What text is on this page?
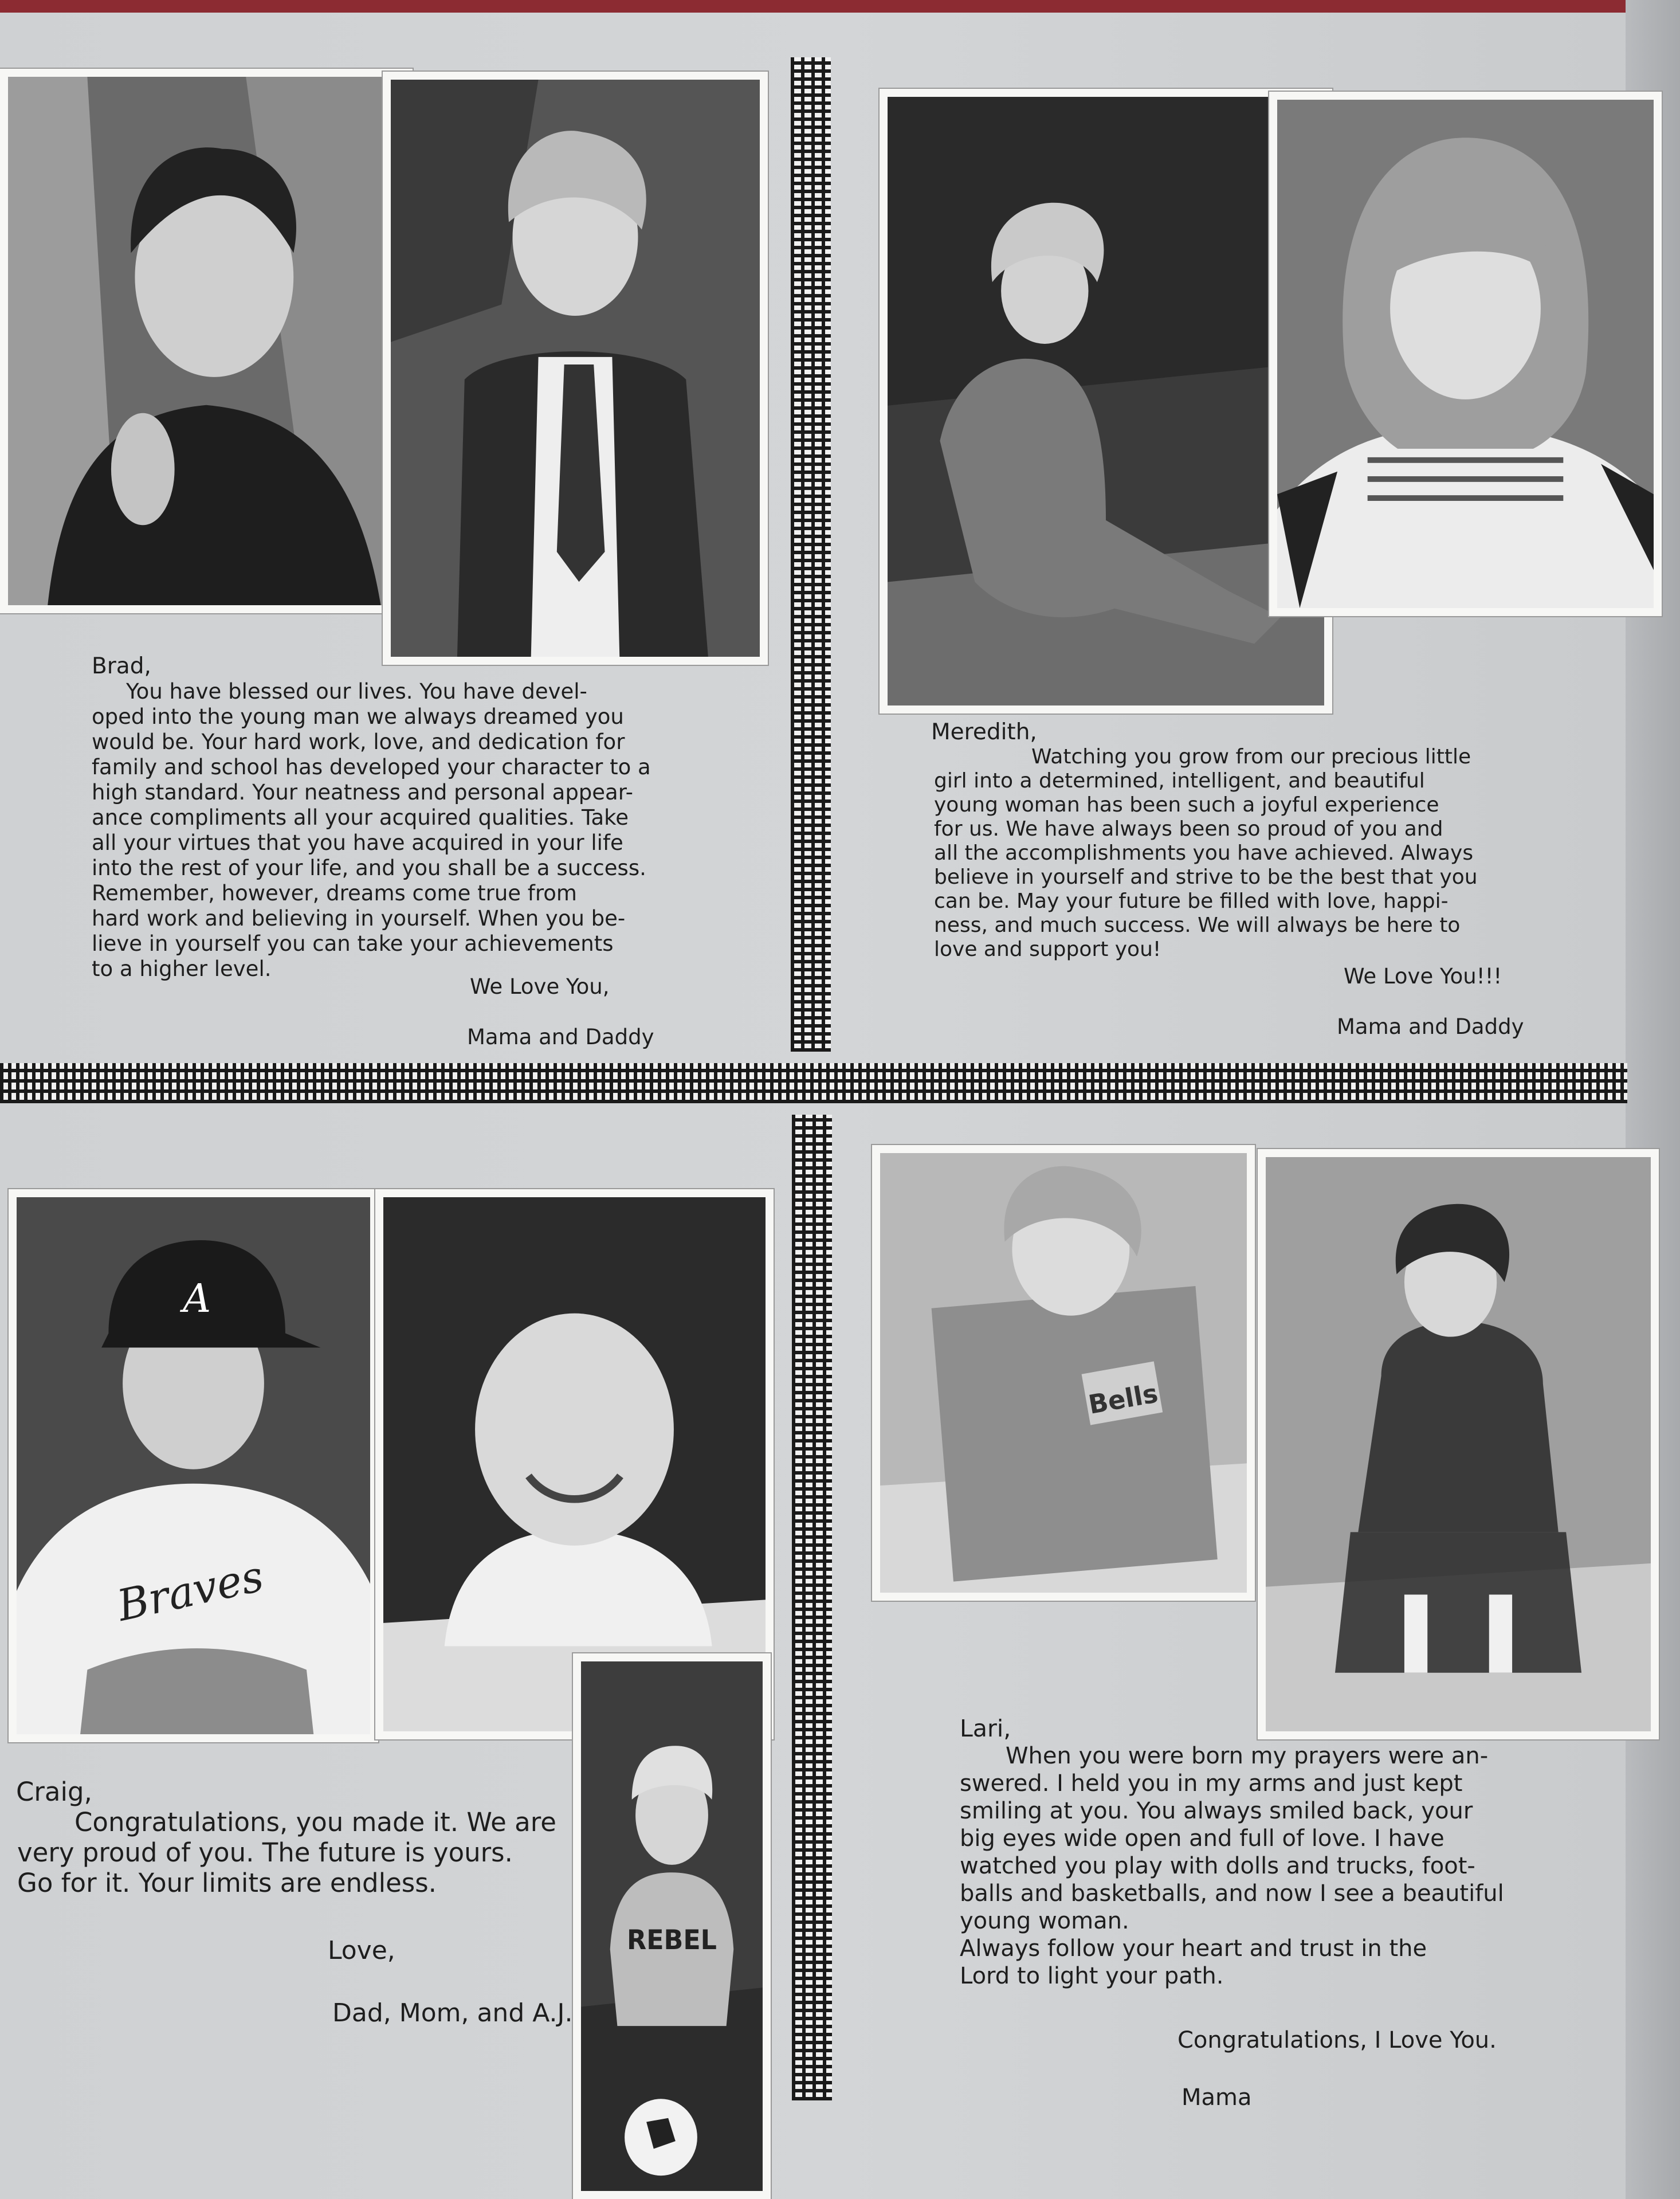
Brad,
You have blessed our lives. You have devel-
oped into the young man we always dreamed you
would be. Your hard work, love, and dedication for
family and school has developed your character to a
high standard. Your neatness and personal appear-
ance compliments all your acquired qualities. Take
all your virtues that you have acquired in your life
into the rest of your life, and you shall be a success.
Remember, however, dreams come true from
hard work and believing in yourself. When you be-
lieve in yourself you can take your achievements
to a higher level.
We Love You,
Mama and Daddy
Meredith,
Watching you grow from our precious little
girl into a determined, intelligent, and beautiful
young woman has been such a joyful experience
for us. We have always been so proud of you and
all the accomplishments you have achieved. Always
believe in yourself and strive to be the best that you
can be. May your future be filled with love, happi-
ness, and much success. We will always be here to
love and support you!
We Love You!!!
Mama and Daddy
A
Braves
REBEL
Craig,
Congratulations, you made it. We are
very proud of you. The future is yours.
Go for it. Your limits are endless.
Love,
Dad, Mom, and A.J.
Bells
Lari,
When you were born my prayers were an-
swered. I held you in my arms and just kept
smiling at you. You always smiled back, your
big eyes wide open and full of love. I have
watched you play with dolls and trucks, foot-
balls and basketballs, and now I see a beautiful
young woman.
Always follow your heart and trust in the
Lord to light your path.
Congratulations, I Love You.
Mama
